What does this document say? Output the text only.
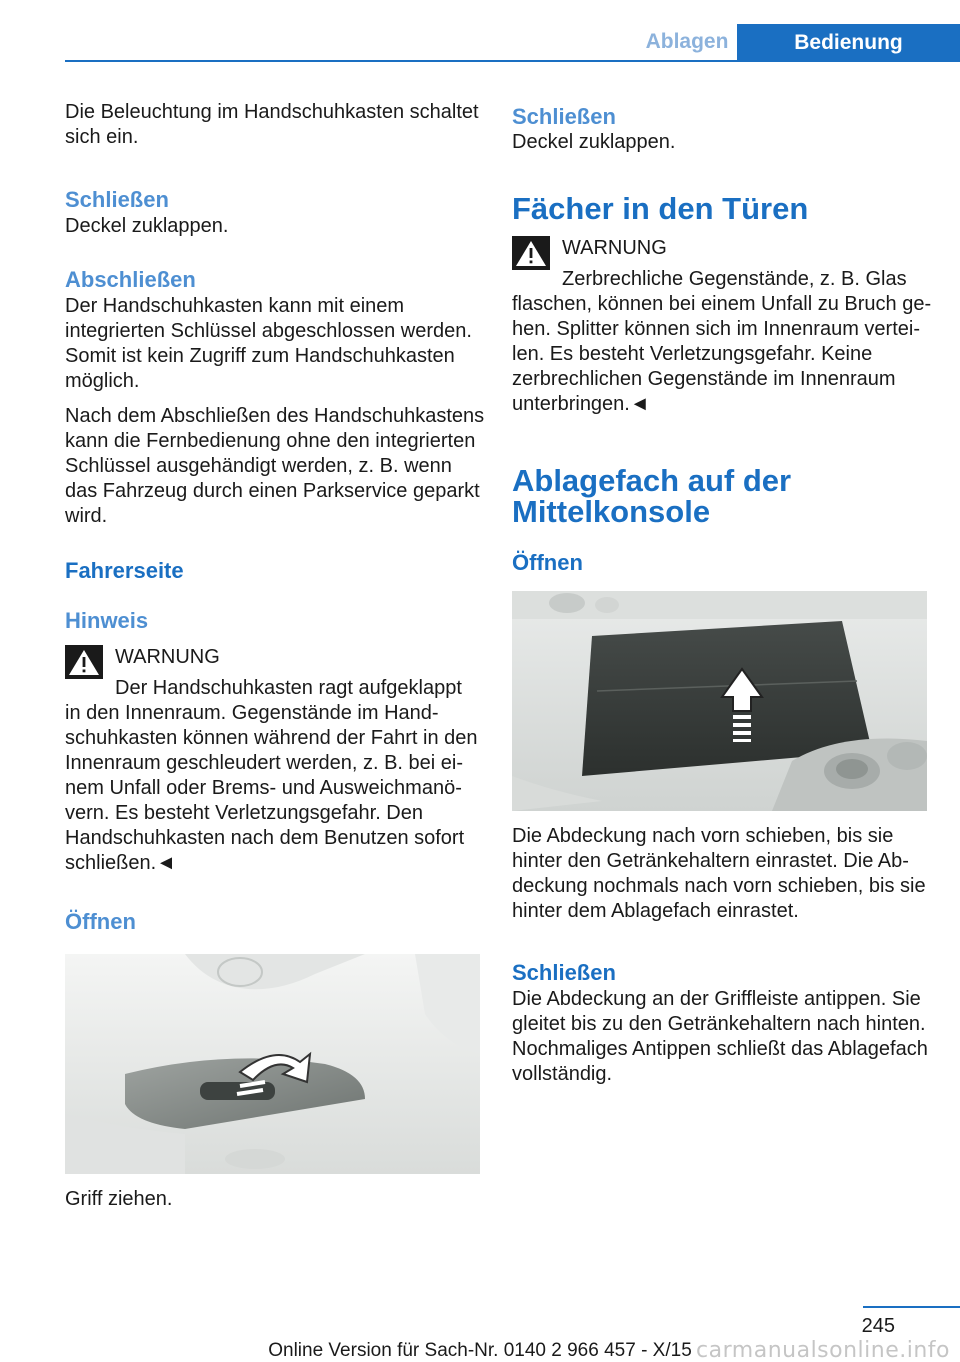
Ablagen	Bedienung

Die Beleuchtung im Handschuhkasten schaltet sich ein.

Schließen

Deckel zuklappen.

Abschließen

Der Handschuhkasten kann mit einem integrierten Schlüssel abgeschlossen werden. Somit ist kein Zugriff zum Handschuhkasten möglich.

Nach dem Abschließen des Handschuhkastens kann die Fernbedienung ohne den integrierten Schlüssel ausgehändigt werden, z. B. wenn das Fahrzeug durch einen Parkservice geparkt wird.

Fahrerseite
Hinweis

WARNUNG

Der Handschuhkasten ragt aufgeklappt

in den Innenraum. Gegenstände im Handschuhkasten können während der Fahrt in den Innenraum geschleudert werden, z. B. bei einem Unfall oder Brems- und Ausweichmanövern. Es besteht Verletzungsgefahr. Den Handschuhkasten nach dem Benutzen sofort schließen.◄

Öffnen

Griff ziehen.

Schließen

Deckel zuklappen.

Fächer in den Türen

WARNUNG

Zerbrechliche Gegenstände, z. B. Glas

flaschen, können bei einem Unfall zu Bruch gehen. Splitter können sich im Innenraum verteilen. Es besteht Verletzungsgefahr. Keine zerbrechlichen Gegenstände im Innenraum unterbringen.◄

Ablagefach auf der Mittelkonsole
Öffnen

Die Abdeckung nach vorn schieben, bis sie hinter den Getränkehaltern einrastet. Die Abdeckung nochmals nach vorn schieben, bis sie hinter dem Ablagefach einrastet.

Schließen

Die Abdeckung an der Griffleiste antippen. Sie gleitet bis zu den Getränkehaltern nach hinten. Nochmaliges Antippen schließt das Ablagefach vollständig.

245
Online Version für Sach-Nr. 0140 2 966 457 - X/15 carmanualsonline.info
